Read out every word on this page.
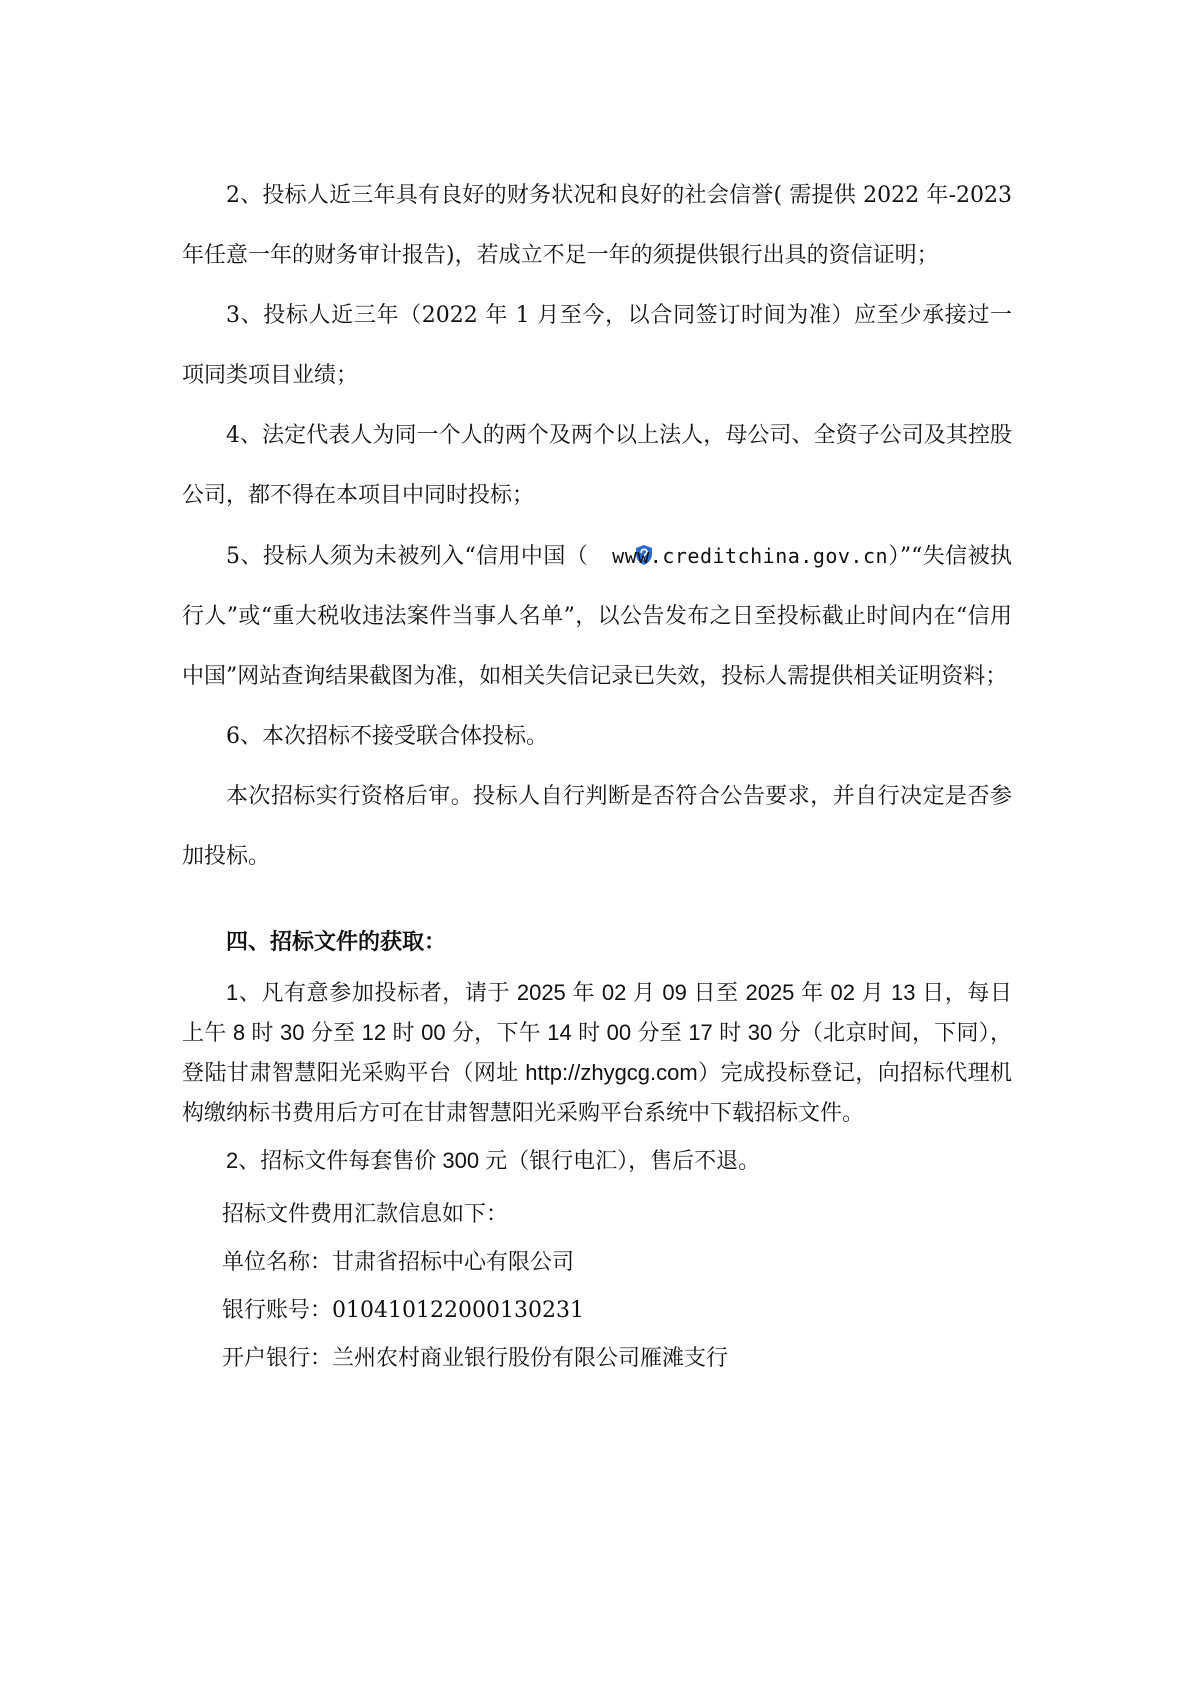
2、投标人近三年具有良好的财务状况和良好的社会信誉( 需提供 2022 年-2023 年任意一年的财务审计报告)，若成立不足一年的须提供银行出具的资信证明；

3、投标人近三年（2022 年 1 月至今，以合同签订时间为准）应至少承接过一项同类项目业绩；

4、法定代表人为同一个人的两个及两个以上法人，母公司、全资子公司及其控股公司，都不得在本项目中同时投标；

5、投标人须为未被列入“信用中国（ www.creditchina.gov.cn）”“失信被执行人”或“重大税收违法案件当事人名单”，以公告发布之日至投标截止时间内在“信用中国”网站查询结果截图为准，如相关失信记录已失效，投标人需提供相关证明资料；

6、本次招标不接受联合体投标。

本次招标实行资格后审。投标人自行判断是否符合公告要求，并自行决定是否参加投标。

四、招标文件的获取：

1、凡有意参加投标者，请于 2025 年 02 月 09 日至 2025 年 02 月 13 日，每日上午 8 时 30 分至 12 时 00 分，下午 14 时 00 分至 17 时 30 分（北京时间，下同），登陆甘肃智慧阳光采购平台（网址 http://zhygcg.com）完成投标登记，向招标代理机构缴纳标书费用后方可在甘肃智慧阳光采购平台系统中下载招标文件。

2、招标文件每套售价 300 元（银行电汇），售后不退。

招标文件费用汇款信息如下：

单位名称：甘肃省招标中心有限公司

银行账号：010410122000130231

开户银行：兰州农村商业银行股份有限公司雁滩支行
